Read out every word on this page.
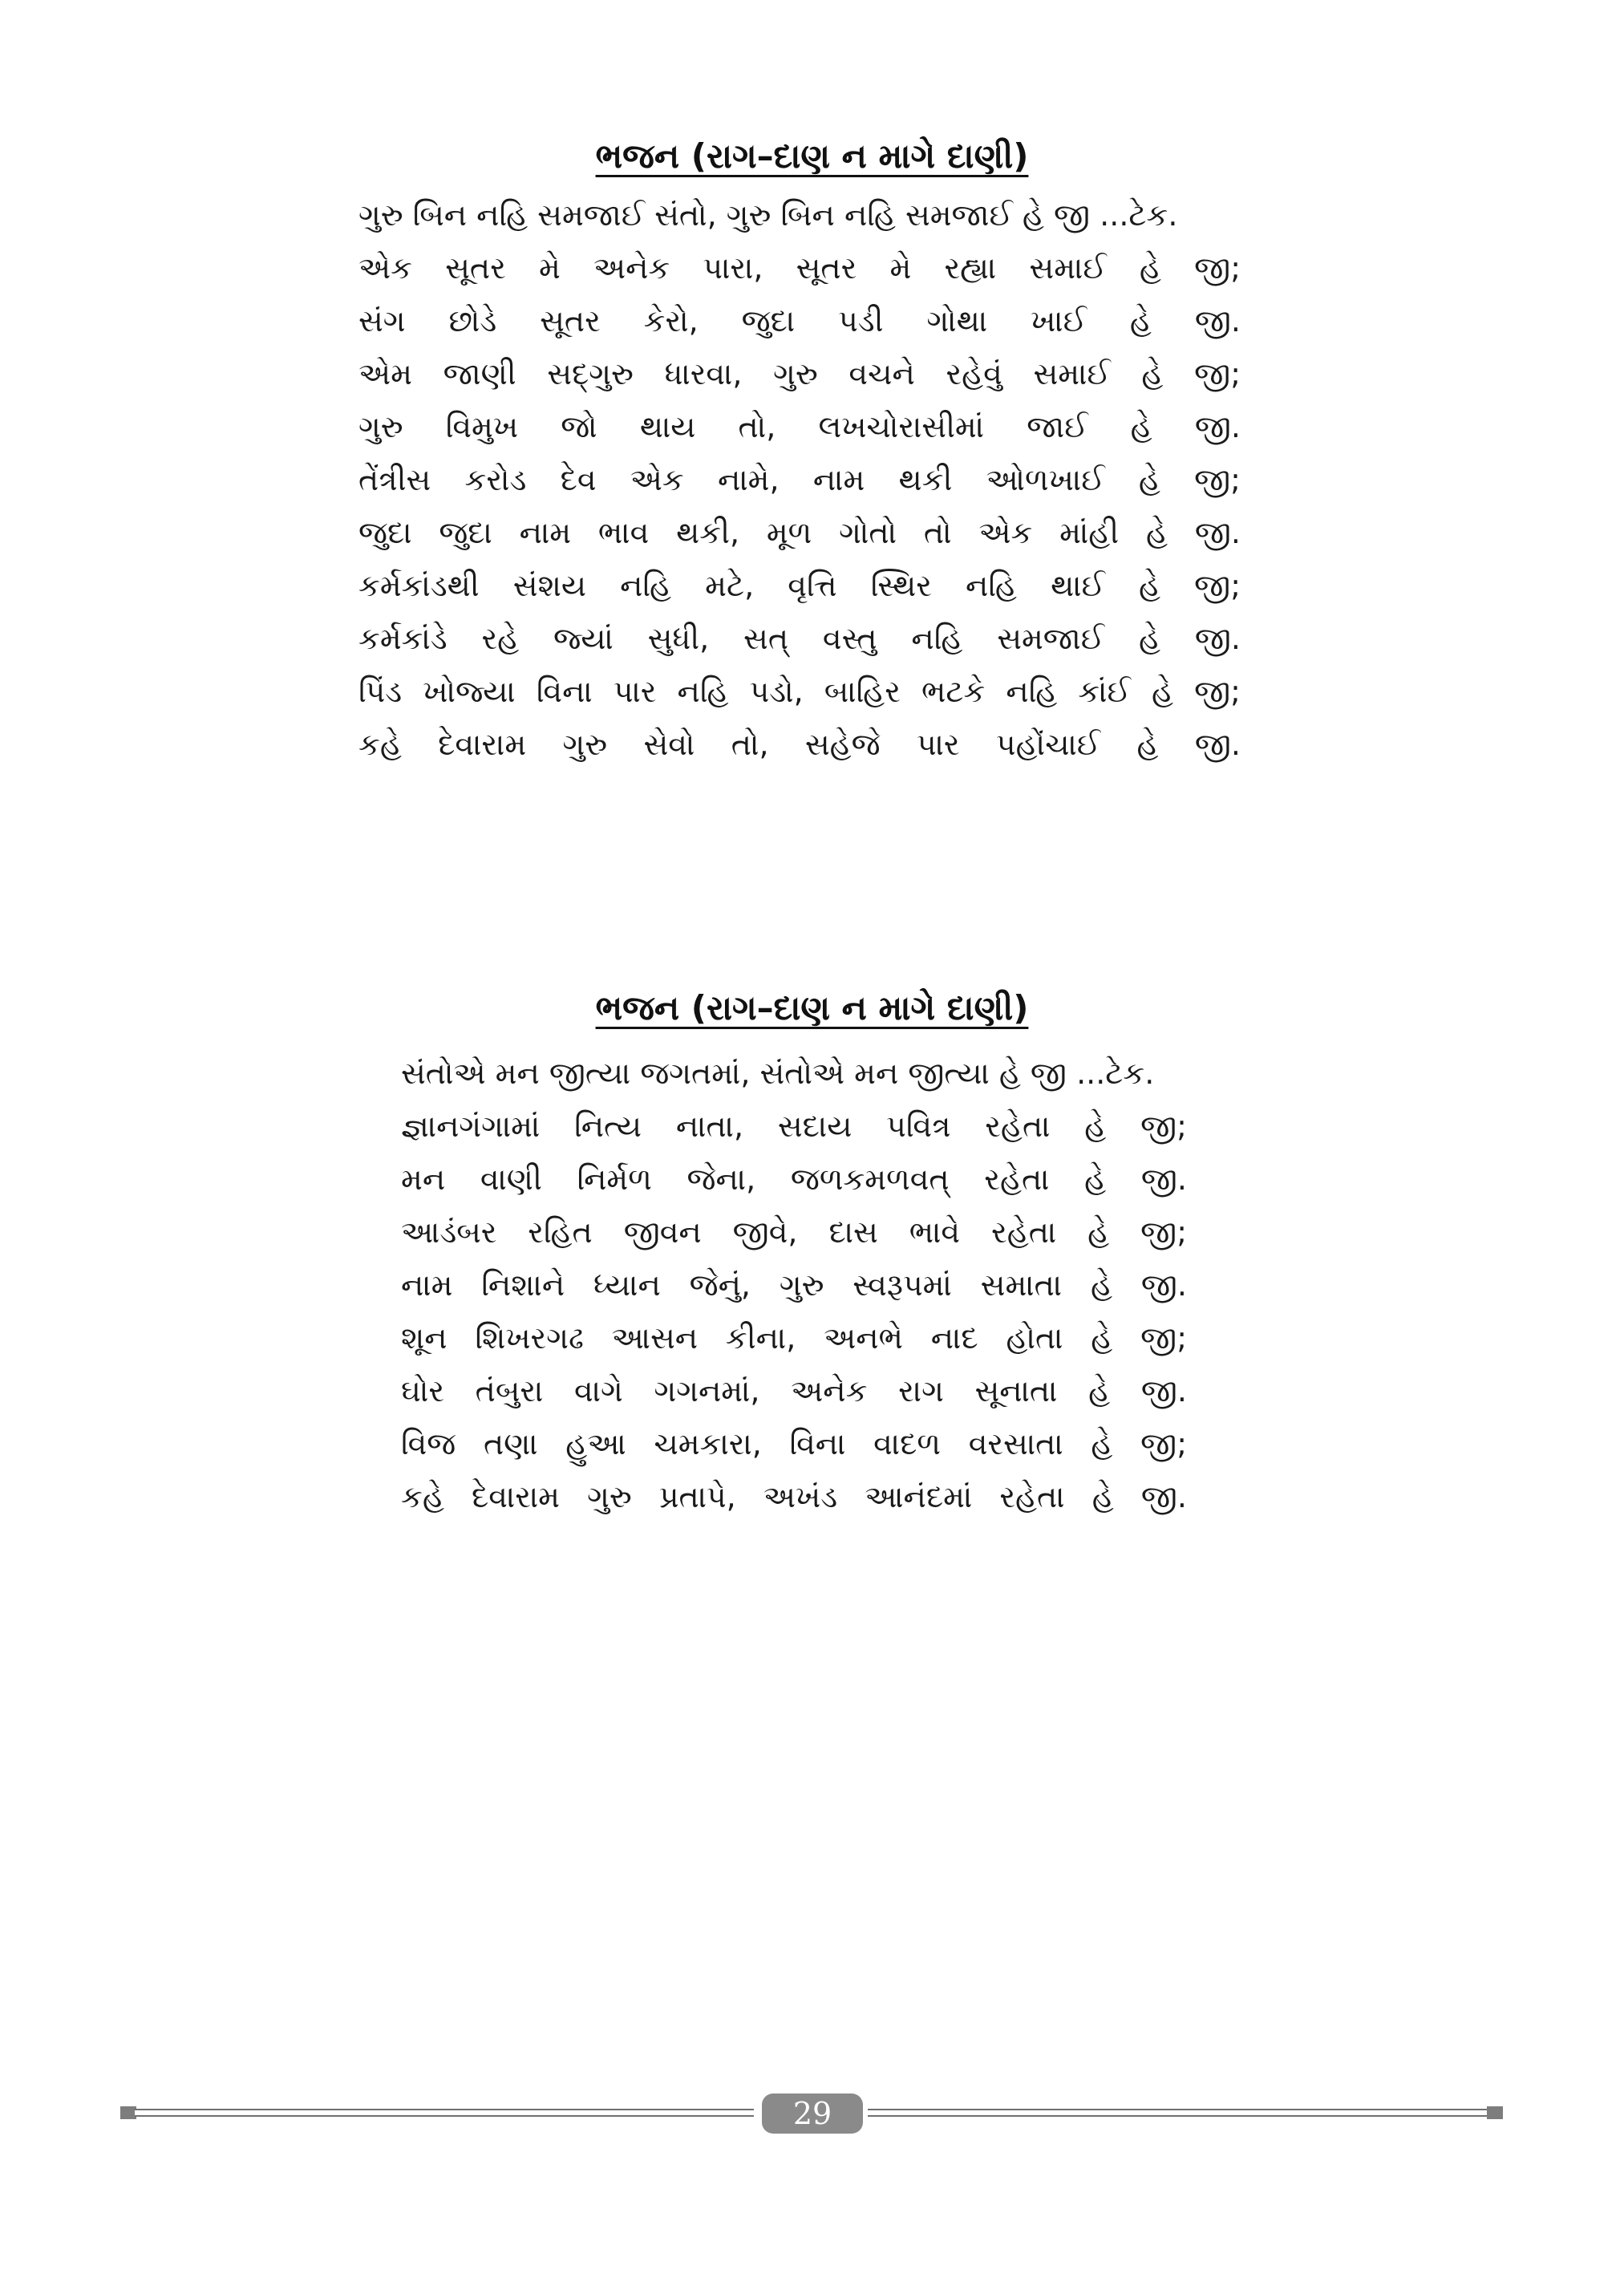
ભજન (રાગ–દાણ ન માગે દાણી)
ગુરુ બિન નહિ સમજાઈ સંતો, ગુરુ બિન નહિ સમજાઈ હે જી ...ટેક.
એક સૂતર મે અનેક પારા, સૂતર મે રહ્યા સમાઈ હે જી;
સંગ છોડે સૂતર કેરો, જુદા પડી ગોથા ખાઈ હે જી.
એમ જાણી સદ્‌ગુરુ ધારવા, ગુરુ વચને રહેવું સમાઈ હે જી;
ગુરુ વિમુખ જો થાય તો, લખચોરાસીમાં જાઈ હે જી.
તેંત્રીસ કરોડ દેવ એક નામે, નામ થકી ઓળખાઈ હે જી;
જુદા જુદા નામ ભાવ થકી, મૂળ ગોતો તો એક માંહી હે જી.
કર્મકાંડથી સંશય નહિ મટે, વૃત્તિ સ્થિર નહિ થાઈ હે જી;
કર્મકાંડે રહે જ્યાં સુધી, સત્ વસ્તુ નહિ સમજાઈ હે જી.
પિંડ ખોજ્યા વિના પાર નહિ પડો, બાહિર ભટકે નહિ કાંઈ હે જી;
કહે દેવારામ ગુરુ સેવો તો, સહેજે પાર પહોંચાઈ હે જી.
ભજન (રાગ–દાણ ન માગે દાણી)
સંતોએ મન જીત્યા જગતમાં, સંતોએ મન જીત્યા હે જી ...ટેક.
જ્ઞાનગંગામાં નિત્ય નાતા, સદાય પવિત્ર રહેતા હે જી;
મન વાણી નિર્મળ જેના, જળકમળવત્ રહેતા હે જી.
આડંબર રહિત જીવન જીવે, દાસ ભાવે રહેતા હે જી;
નામ નિશાને ધ્યાન જેનું, ગુરુ સ્વરૂપમાં સમાતા હે જી.
શૂન શિખરગઢ આસન કીના, અનભે નાદ હોતા હે જી;
ઘોર તંબુરા વાગે ગગનમાં, અનેક રાગ સૂનાતા હે જી.
વિજ તણા હુઆ ચમકારા, વિના વાદળ વરસાતા હે જી;
કહે દેવારામ ગુરુ પ્રતાપે, અખંડ આનંદમાં રહેતા હે જી.
29
